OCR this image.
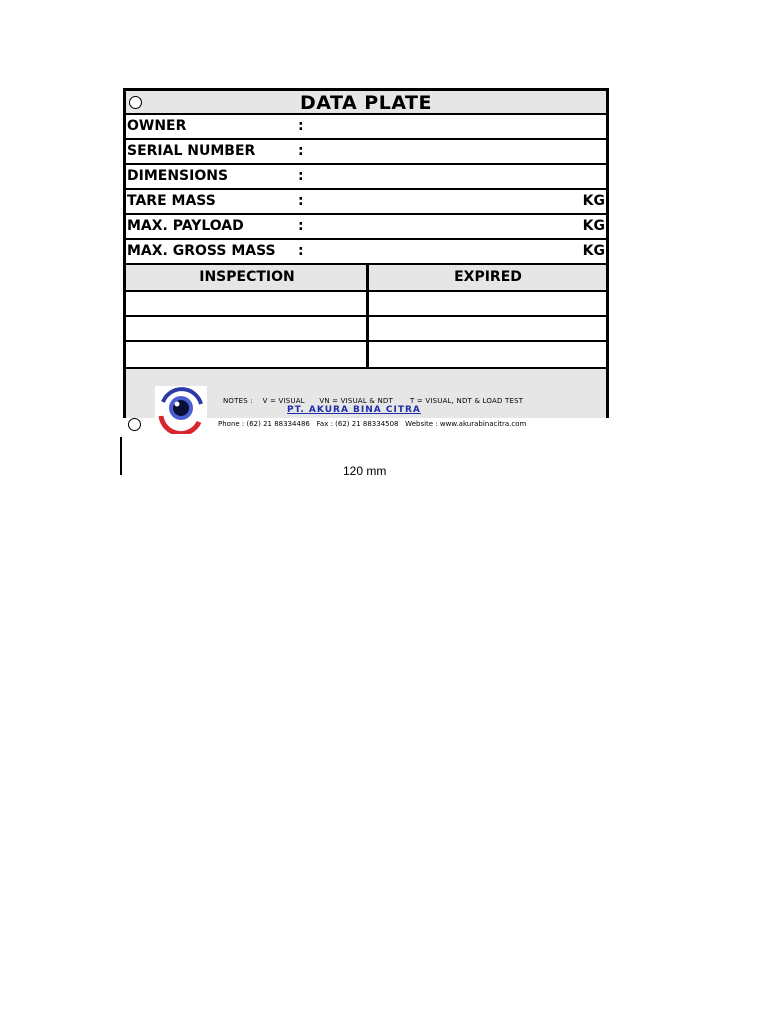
DATA PLATE
OWNER	:
SERIAL NUMBER	:
DIMENSIONS	:
TARE MASS	:	KG
MAX. PAYLOAD	:	KG
MAX. GROSS MASS :	KG
INSPECTION	EXPIRED
NOTES :    V = VISUAL      VN = VISUAL & NDT       T = VISUAL, NDT & LOAD TEST
PT. AKURA BINA CITRA
Phone : (62) 21 88334486   Fax : (62) 21 88334508   Website : www.akurabinacitra.com
120 mm
